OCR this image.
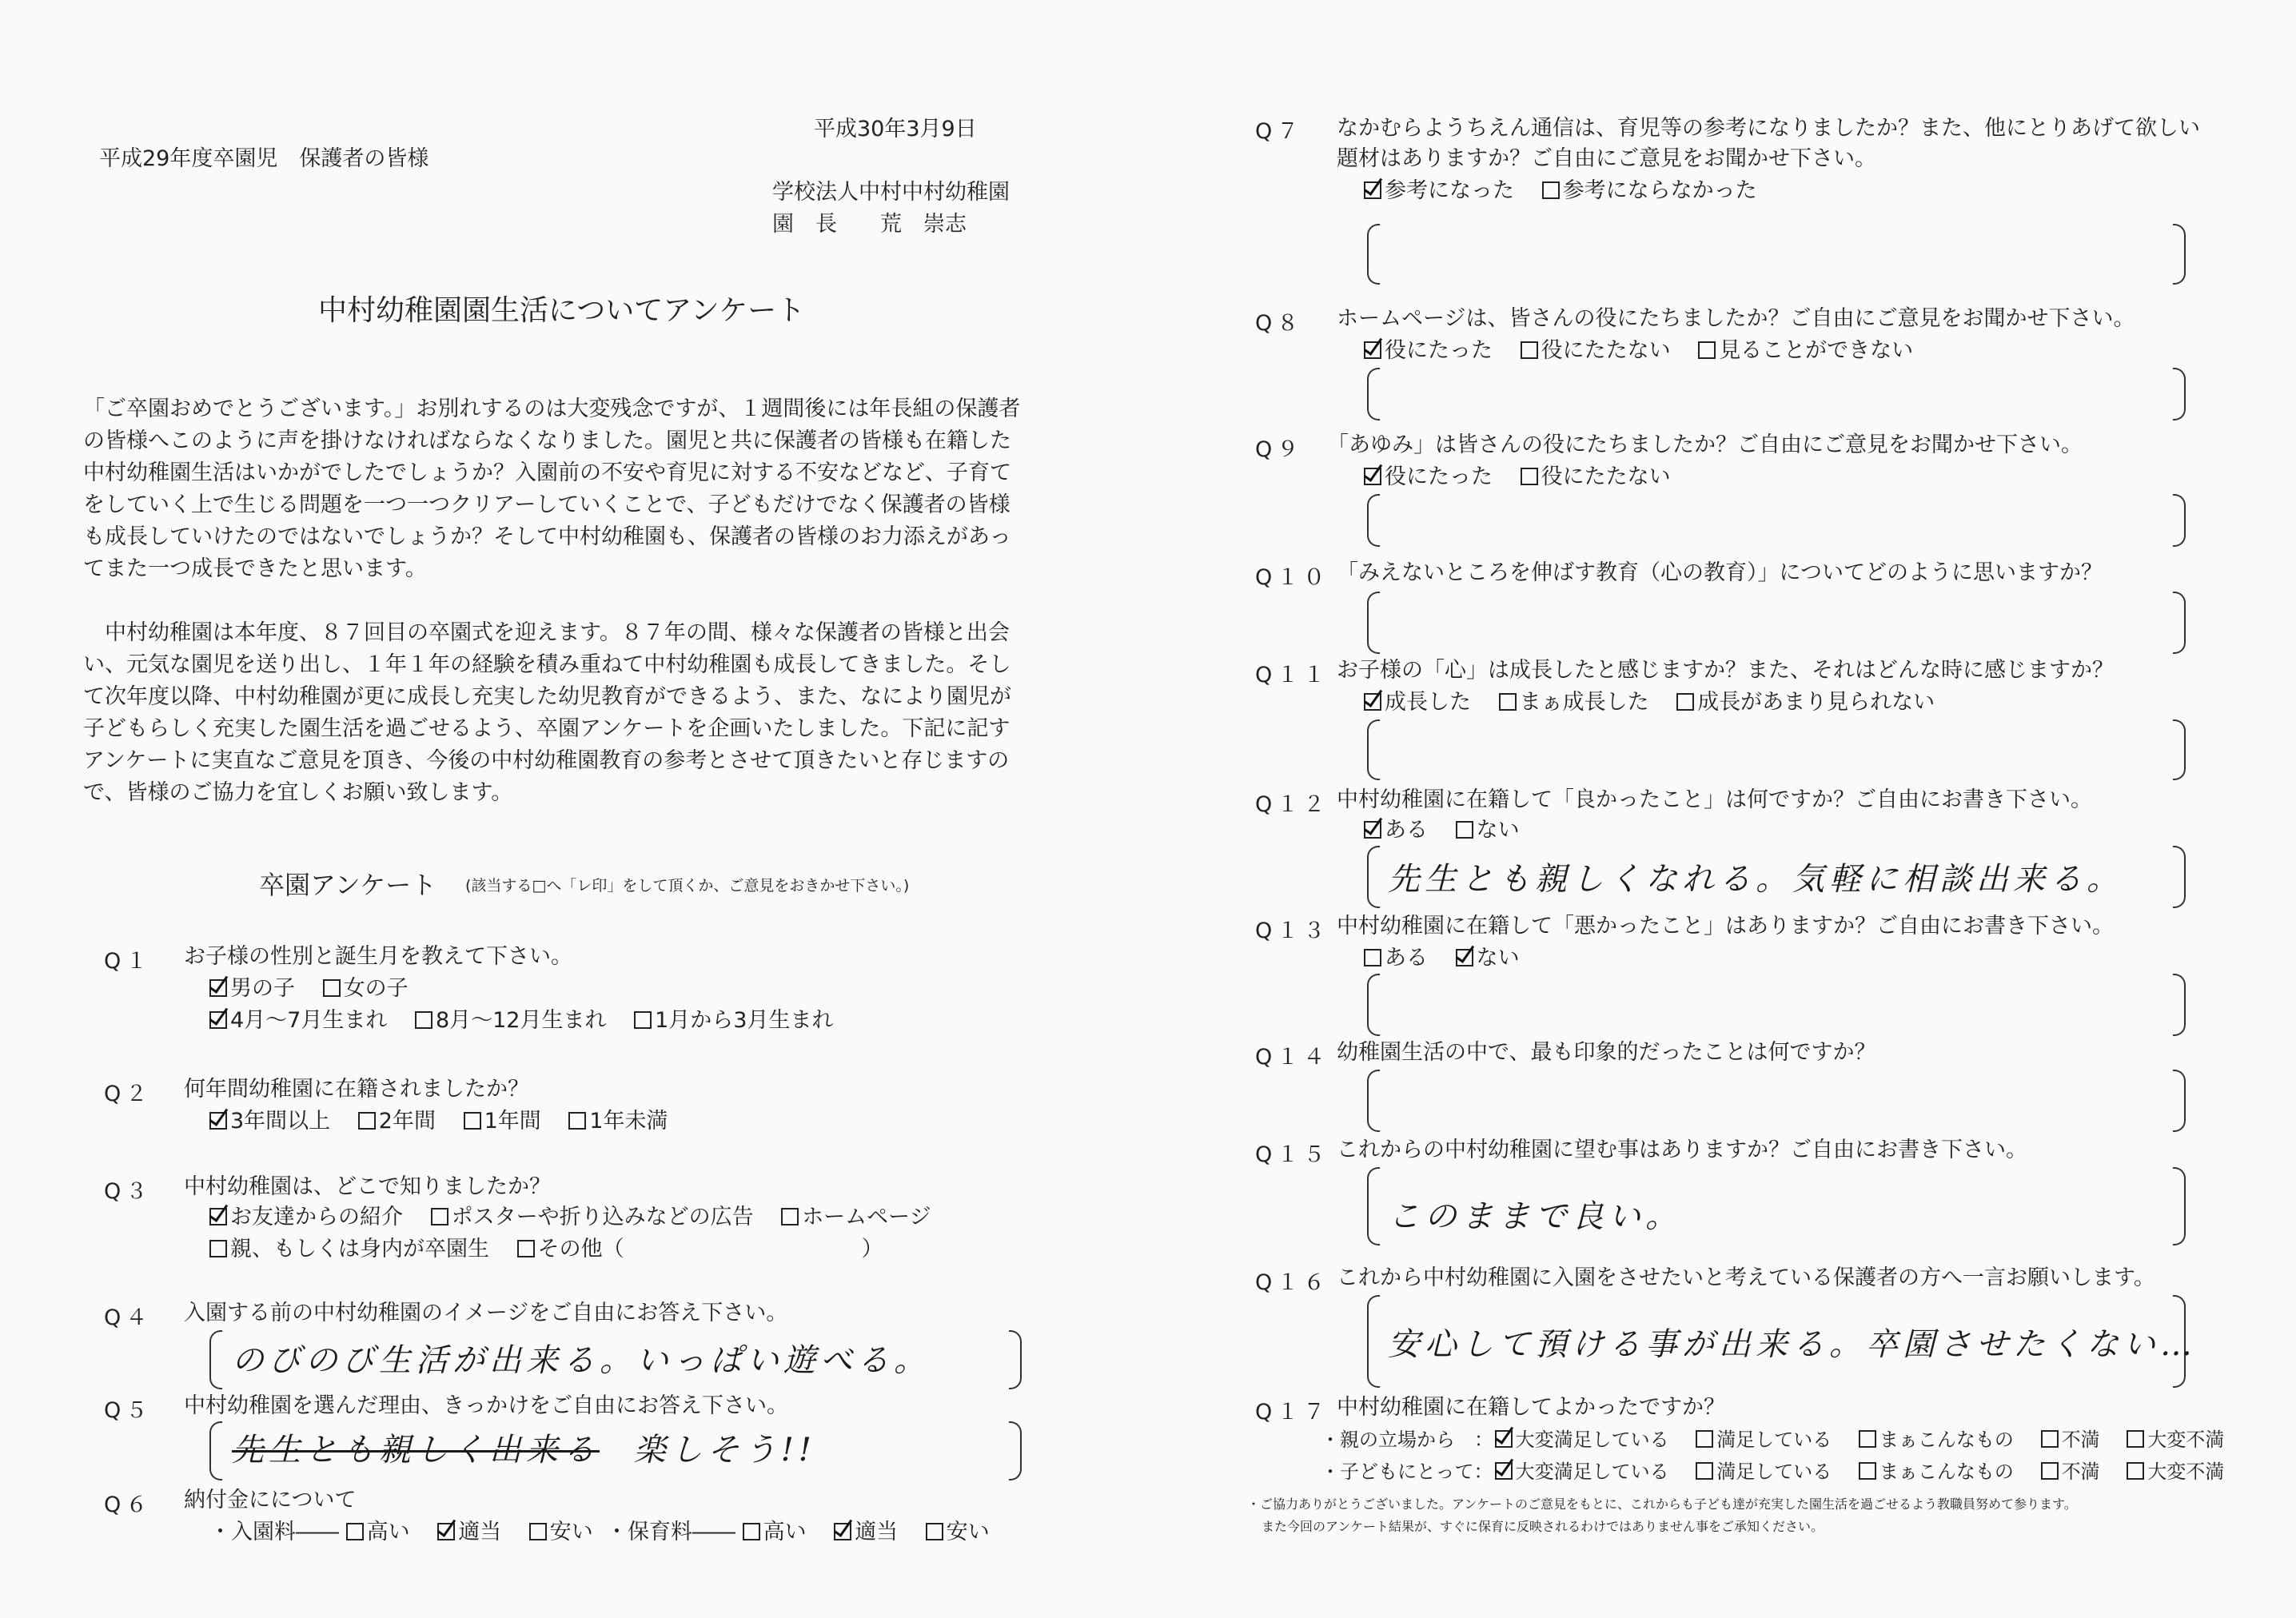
平成30年3月9日
平成29年度卒園児　保護者の皆様
学校法人中村中村幼稚園
園　長　　荒　崇志
中村幼稚園園生活についてアンケート

「ご卒園おめでとうございます。」お別れするのは大変残念ですが、１週間後には年長組の保護者の皆様へこのように声を掛けなければならなくなりました。園児と共に保護者の皆様も在籍した中村幼稚園生活はいかがでしたでしょうか？入園前の不安や育児に対する不安などなど、子育てをしていく上で生じる問題を一つ一つクリアーしていくことで、子どもだけでなく保護者の皆様も成長していけたのではないでしょうか？そして中村幼稚園も、保護者の皆様のお力添えがあってまた一つ成長できたと思います。

中村幼稚園は本年度、８７回目の卒園式を迎えます。８７年の間、様々な保護者の皆様と出会い、元気な園児を送り出し、１年１年の経験を積み重ねて中村幼稚園も成長してきました。そして次年度以降、中村幼稚園が更に成長し充実した幼児教育ができるよう、また、なにより園児が子どもらしく充実した園生活を過ごせるよう、卒園アンケートを企画いたしました。下記に記すアンケートに実直なご意見を頂き、今後の中村幼稚園教育の参考とさせて頂きたいと存じますので、皆様のご協力を宜しくお願い致します。

卒園アンケート (該当する□へ「レ印」をして頂くか、ご意見をおきかせ下さい。)
Q１ お子様の性別と誕生月を教えて下さい。
男の子 女の子
4月～7月生まれ 8月～12月生まれ 1月から3月生まれ
Q２ 何年間幼稚園に在籍されましたか？
3年間以上 2年間 1年間 1年未満
Q３ 中村幼稚園は、どこで知りましたか？
お友達からの紹介 ポスターや折り込みなどの広告 ホームページ
親、もしくは身内が卒園生 その他（　　　　　　　　　　　）
Q４ 入園する前の中村幼稚園のイメージをご自由にお答え下さい。
のびのび生活が出来る。いっぱい遊べる。
Q５ 中村幼稚園を選んだ理由、きっかけをご自由にお答え下さい。
先生とも親しく出来る 楽しそう!!
Q６ 納付金にについて
・入園料―― 高い 適当 安い ・保育料―― 高い 適当 安い
Q７ なかむらようちえん通信は、育児等の参考になりましたか？また、他にとりあげて欲しい題材はありますか？ご自由にご意見をお聞かせ下さい。
参考になった 参考にならなかった
Q８ ホームページは、皆さんの役にたちましたか？ご自由にご意見をお聞かせ下さい。
役にたった 役にたたない 見ることができない
Q９ 「あゆみ」は皆さんの役にたちましたか？ご自由にご意見をお聞かせ下さい。
役にたった 役にたたない
Q１０ 「みえないところを伸ばす教育（心の教育）」についてどのように思いますか？
Q１１ お子様の「心」は成長したと感じますか？また、それはどんな時に感じますか？
成長した まぁ成長した 成長があまり見られない
Q１２ 中村幼稚園に在籍して「良かったこと」は何ですか？ご自由にお書き下さい。
ある ない
先生とも親しくなれる。気軽に相談出来る。
Q１３ 中村幼稚園に在籍して「悪かったこと」はありますか？ご自由にお書き下さい。
ある ない
Q１４ 幼稚園生活の中で、最も印象的だったことは何ですか？
Q１５ これからの中村幼稚園に望む事はありますか？ご自由にお書き下さい。
このままで良い。
Q１６ これから中村幼稚園に入園をさせたいと考えている保護者の方へ一言お願いします。
安心して預ける事が出来る。卒園させたくない…
Q１７ 中村幼稚園に在籍してよかったですか？
・親の立場から　： 大変満足している 満足している まぁこんなもの 不満 大変不満
・子どもにとって： 大変満足している 満足している まぁこんなもの 不満 大変不満
・ご協力ありがとうございました。アンケートのご意見をもとに、これからも子ども達が充実した園生活を過ごせるよう教職員努めて参ります。
また今回のアンケート結果が、すぐに保育に反映されるわけではありません事をご承知ください。
